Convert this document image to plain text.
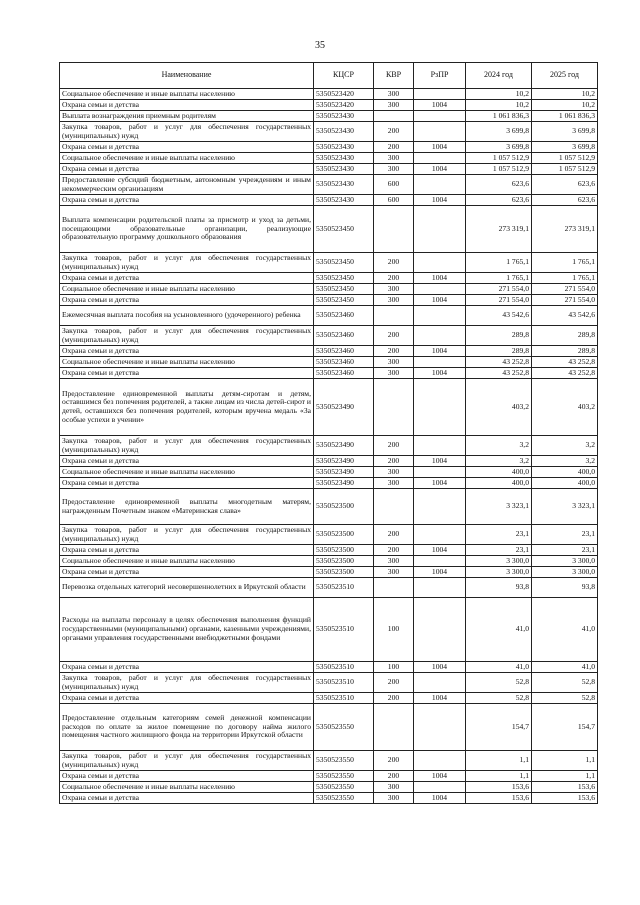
35
Наименование	КЦСР	КВР	РзПР	2024 год	2025 год
Социальное обеспечение и иные выплаты населению	5350523420	300		10,2	10,2
Охрана семьи и детства	5350523420	300	1004	10,2	10,2
Выплата вознаграждения приемным родителям	5350523430			1 061 836,3	1 061 836,3
Закупка товаров, работ и услуг для обеспечения государственных (муниципальных) нужд	5350523430	200		3 699,8	3 699,8
Охрана семьи и детства	5350523430	200	1004	3 699,8	3 699,8
Социальное обеспечение и иные выплаты населению	5350523430	300		1 057 512,9	1 057 512,9
Охрана семьи и детства	5350523430	300	1004	1 057 512,9	1 057 512,9
Предоставление субсидий бюджетным, автономным учреждениям и иным некоммерческим организациям	5350523430	600		623,6	623,6
Охрана семьи и детства	5350523430	600	1004	623,6	623,6
Выплата компенсации родительской платы за присмотр и уход за детьми, посещающими образовательные организации, реализующие образовательную программу дошкольного образования	5350523450			273 319,1	273 319,1
Закупка товаров, работ и услуг для обеспечения государственных (муниципальных) нужд	5350523450	200		1 765,1	1 765,1
Охрана семьи и детства	5350523450	200	1004	1 765,1	1 765,1
Социальное обеспечение и иные выплаты населению	5350523450	300		271 554,0	271 554,0
Охрана семьи и детства	5350523450	300	1004	271 554,0	271 554,0
Ежемесячная выплата пособия на усыновленного (удочеренного) ребенка	5350523460			43 542,6	43 542,6
Закупка товаров, работ и услуг для обеспечения государственных (муниципальных) нужд	5350523460	200		289,8	289,8
Охрана семьи и детства	5350523460	200	1004	289,8	289,8
Социальное обеспечение и иные выплаты населению	5350523460	300		43 252,8	43 252,8
Охрана семьи и детства	5350523460	300	1004	43 252,8	43 252,8
Предоставление единовременной выплаты детям-сиротам и детям, оставшимся без попечения родителей, а также лицам из числа детей-сирот и детей, оставшихся без попечения родителей, которым вручена медаль «За особые успехи в учении»	5350523490			403,2	403,2
Закупка товаров, работ и услуг для обеспечения государственных (муниципальных) нужд	5350523490	200		3,2	3,2
Охрана семьи и детства	5350523490	200	1004	3,2	3,2
Социальное обеспечение и иные выплаты населению	5350523490	300		400,0	400,0
Охрана семьи и детства	5350523490	300	1004	400,0	400,0
Предоставление единовременной выплаты многодетным матерям, награжденным Почетным знаком «Материнская слава»	5350523500			3 323,1	3 323,1
Закупка товаров, работ и услуг для обеспечения государственных (муниципальных) нужд	5350523500	200		23,1	23,1
Охрана семьи и детства	5350523500	200	1004	23,1	23,1
Социальное обеспечение и иные выплаты населению	5350523500	300		3 300,0	3 300,0
Охрана семьи и детства	5350523500	300	1004	3 300,0	3 300,0
Перевозка отдельных категорий несовершеннолетних в Иркутской области	5350523510			93,8	93,8
Расходы на выплаты персоналу в целях обеспечения выполнения функций государственными (муниципальными) органами, казенными учреждениями, органами управления государственными внебюджетными фондами	5350523510	100		41,0	41,0
Охрана семьи и детства	5350523510	100	1004	41,0	41,0
Закупка товаров, работ и услуг для обеспечения государственных (муниципальных) нужд	5350523510	200		52,8	52,8
Охрана семьи и детства	5350523510	200	1004	52,8	52,8
Предоставление отдельным категориям семей денежной компенсации расходов по оплате за жилое помещение по договору найма жилого помещения частного жилищного фонда на территории Иркутской области	5350523550			154,7	154,7
Закупка товаров, работ и услуг для обеспечения государственных (муниципальных) нужд	5350523550	200		1,1	1,1
Охрана семьи и детства	5350523550	200	1004	1,1	1,1
Социальное обеспечение и иные выплаты населению	5350523550	300		153,6	153,6
Охрана семьи и детства	5350523550	300	1004	153,6	153,6
